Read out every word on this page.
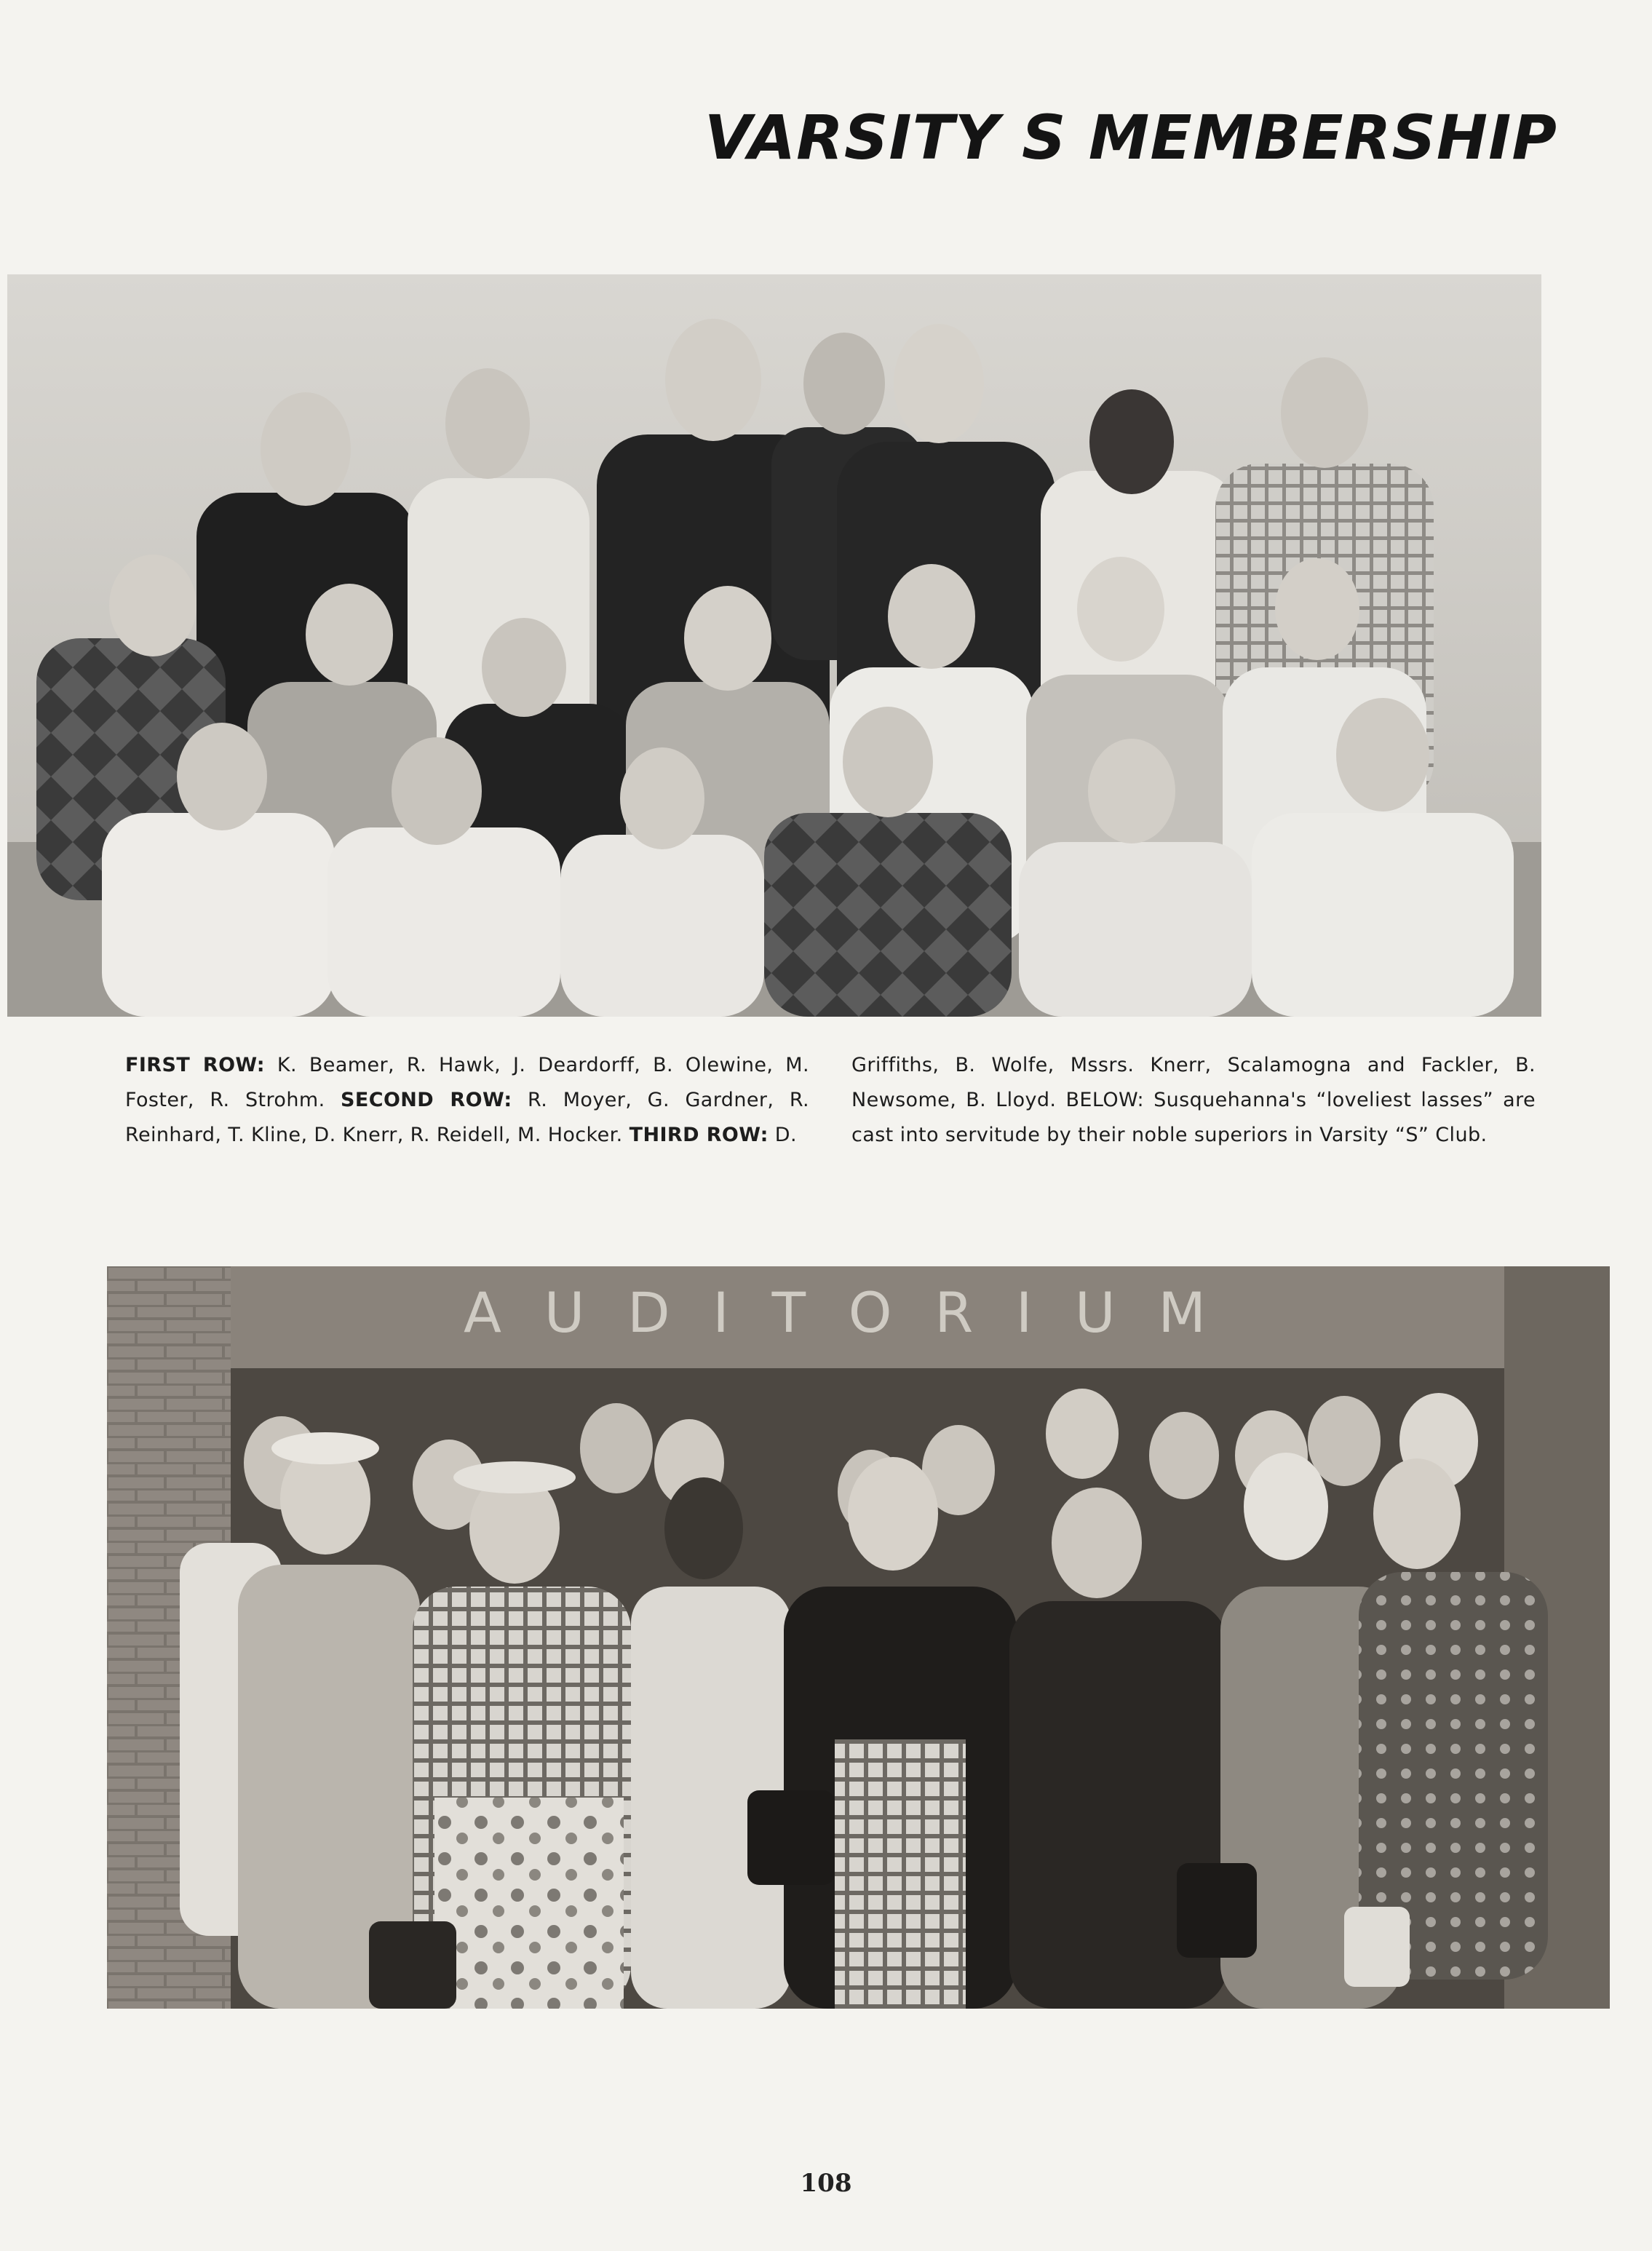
VARSITY S MEMBERSHIP
FIRST ROW: K. Beamer, R. Hawk, J. Deardorff, B. Olewine, M. Foster, R. Strohm. SECOND ROW: R. Moyer, G. Gardner, R. Reinhard, T. Kline, D. Knerr, R. Reidell, M. Hocker. THIRD ROW: D.
Griffiths, B. Wolfe, Mssrs. Knerr, Scalamogna and Fackler, B. Newsome, B. Lloyd. BELOW: Susquehanna's “loveliest lasses” are cast into servitude by their noble superiors in Varsity “S” Club.
AUDITORIUM
108
